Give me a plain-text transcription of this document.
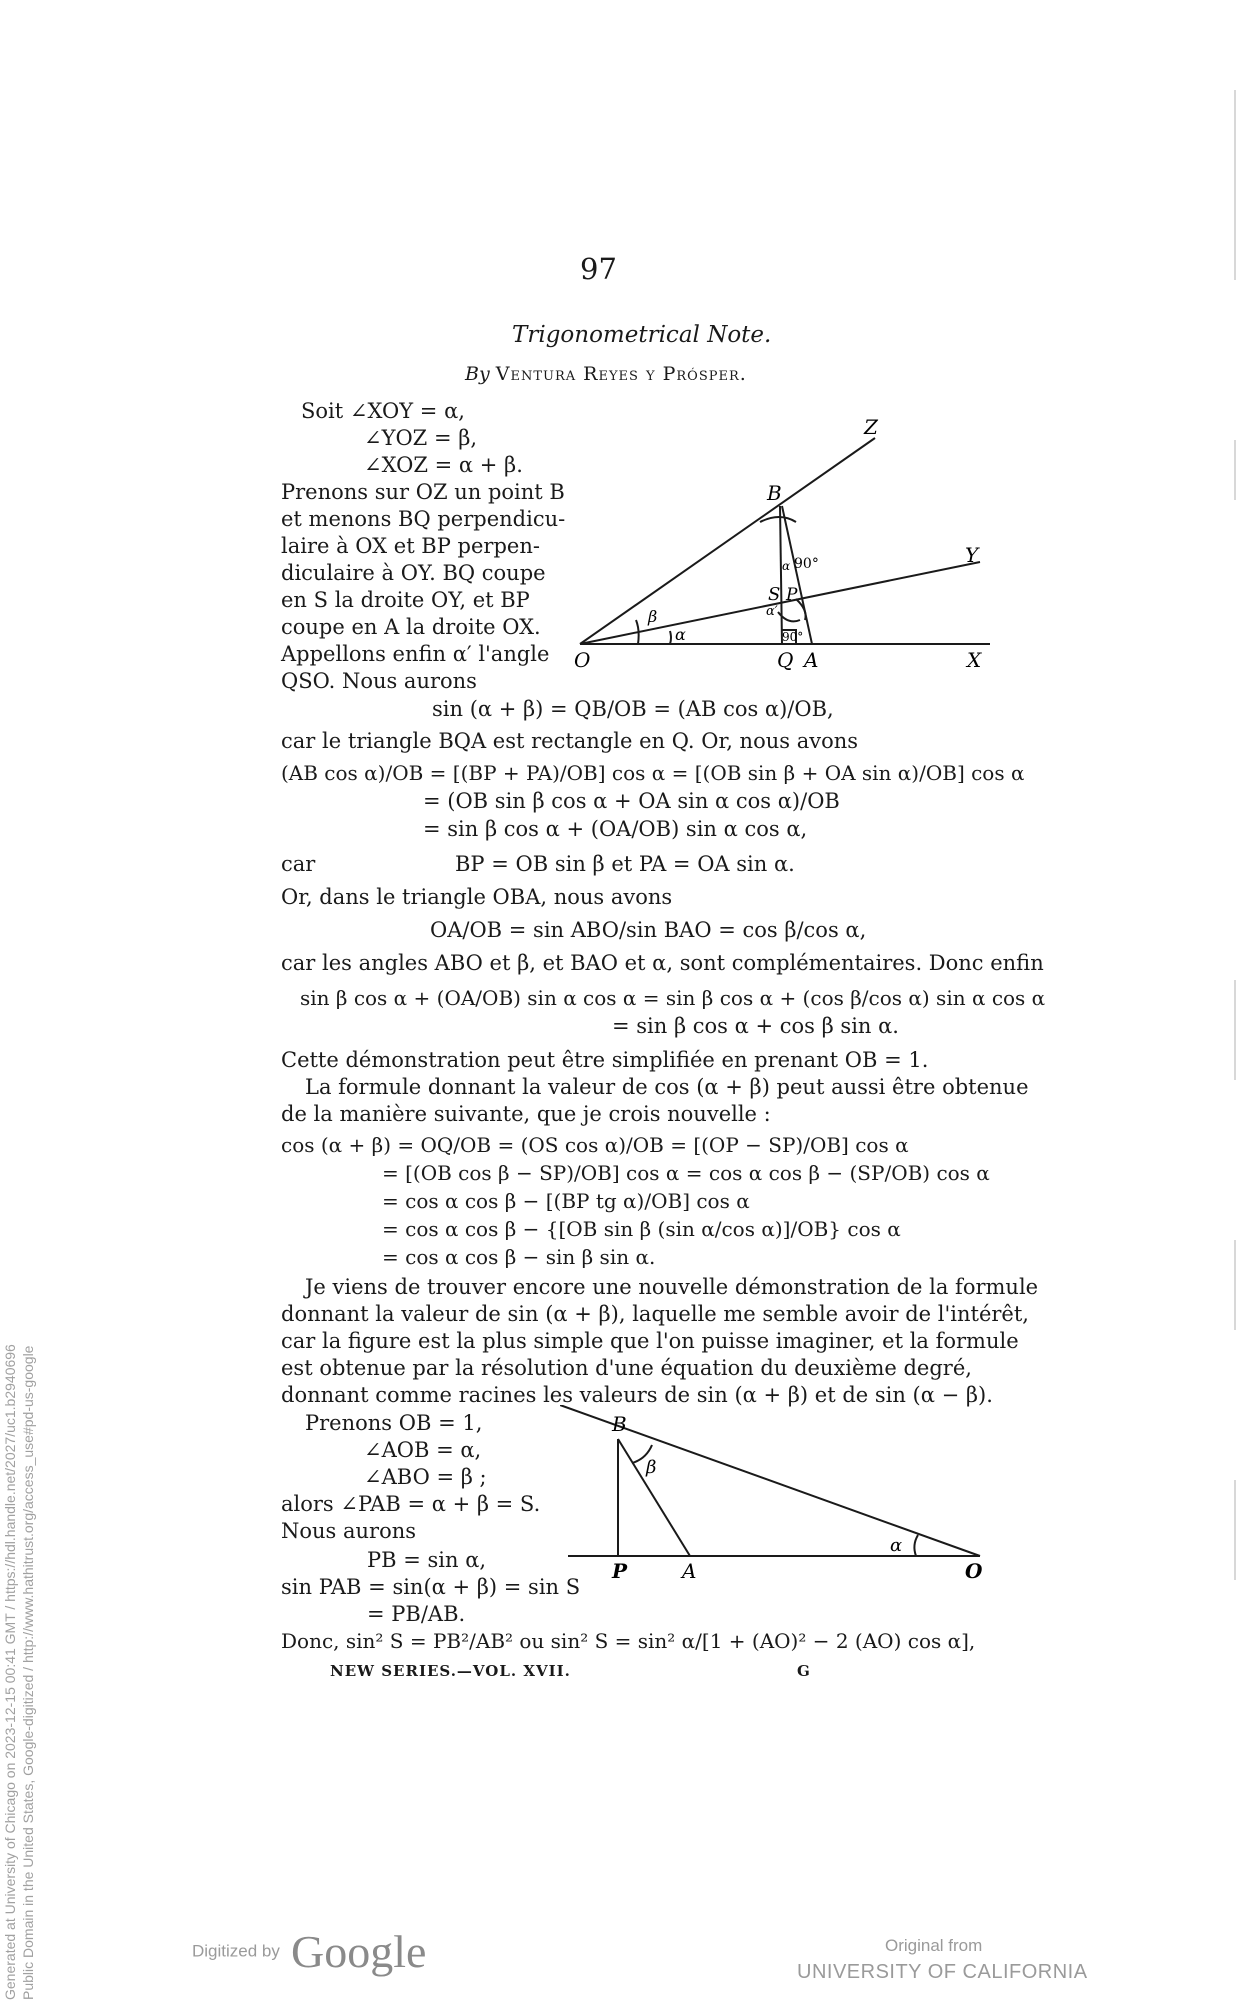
97
Trigonometrical Note.
By Ventura Reyes y Prósper.
Soit ∠XOY = α,
∠YOZ = β,
∠XOZ = α + β.
Prenons sur OZ un point B
et menons BQ perpendicu-
laire à OX et BP perpen-
diculaire à OY. BQ coupe
en S la droite OY, et BP
coupe en A la droite OX.
Appellons enfin α′ l'angle
QSO. Nous aurons
Z
B
Y
S P
O	Q A	X
β
α
α′
α 90°
90°
sin (α + β) = QB/OB = (AB cos α)/OB,
car le triangle BQA est rectangle en Q. Or, nous avons
(AB cos α)/OB = [(BP + PA)/OB] cos α = [(OB sin β + OA sin α)/OB] cos α
= (OB sin β cos α + OA sin α cos α)/OB
= sin β cos α + (OA/OB) sin α cos α,
car	BP = OB sin β et PA = OA sin α.
Or, dans le triangle OBA, nous avons
OA/OB = sin ABO/sin BAO = cos β/cos α,
car les angles ABO et β, et BAO et α, sont complémentaires. Donc enfin
sin β cos α + (OA/OB) sin α cos α = sin β cos α + (cos β/cos α) sin α cos α
= sin β cos α + cos β sin α.
Cette démonstration peut être simplifiée en prenant OB = 1.
La formule donnant la valeur de cos (α + β) peut aussi être obtenue
de la manière suivante, que je crois nouvelle :
cos (α + β) = OQ/OB = (OS cos α)/OB = [(OP − SP)/OB] cos α
= [(OB cos β − SP)/OB] cos α = cos α cos β − (SP/OB) cos α
= cos α cos β − [(BP tg α)/OB] cos α
= cos α cos β − {[OB sin β (sin α/cos α)]/OB} cos α
= cos α cos β − sin β sin α.
Je viens de trouver encore une nouvelle démonstration de la formule
donnant la valeur de sin (α + β), laquelle me semble avoir de l'intérêt,
car la figure est la plus simple que l'on puisse imaginer, et la formule
est obtenue par la résolution d'une équation du deuxième degré,
donnant comme racines les valeurs de sin (α + β) et de sin (α − β).
Prenons OB = 1,
∠AOB = α,
∠ABO = β ;
alors ∠PAB = α + β = S.
Nous aurons
PB = sin α,
sin PAB = sin(α + β) = sin S
= PB/AB.
B
β
α
P	A	O
Donc, sin² S = PB²/AB² ou sin² S = sin² α/[1 + (AO)² − 2 (AO) cos α],
NEW SERIES.—VOL. XVII.	G
Generated at University of Chicago on 2023-12-15 00:41 GMT / https://hdl.handle.net/2027/uc1.b2940696 Public Domain in the United States, Google-digitized / http://www.hathitrust.org/access_use#pd-us-google	Digitized by Google	Original from
UNIVERSITY OF CALIFORNIA
